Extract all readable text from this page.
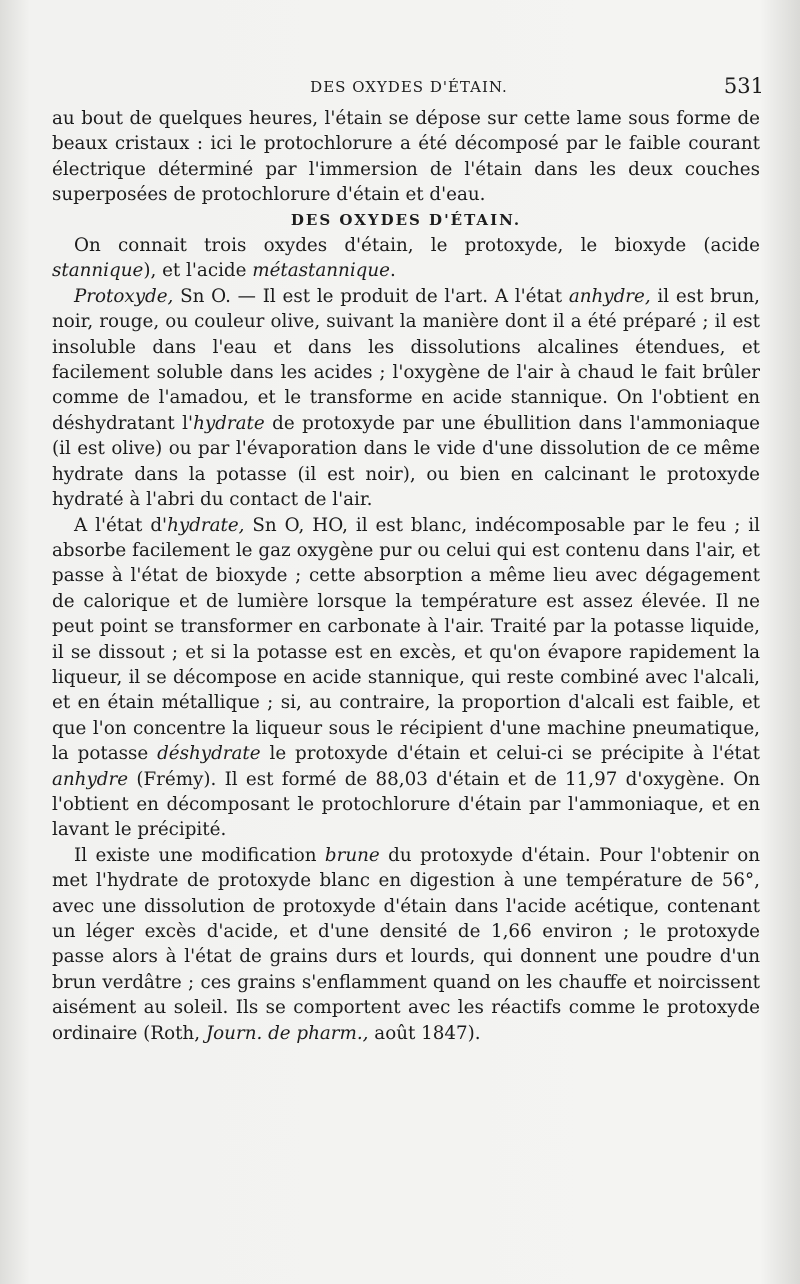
DES OXYDES D'ÉTAIN.	531

au bout de quelques heures, l'étain se dépose sur cette lame sous forme de beaux cristaux : ici le protochlorure a été décomposé par le faible courant électrique déterminé par l'immersion de l'étain dans les deux couches superposées de protochlorure d'étain et d'eau.

DES OXYDES D'ÉTAIN.

On connait trois oxydes d'étain, le protoxyde, le bioxyde (acide stannique), et l'acide métastannique.

Protoxyde, Sn O. — Il est le produit de l'art. A l'état anhydre, il est brun, noir, rouge, ou couleur olive, suivant la manière dont il a été préparé ; il est insoluble dans l'eau et dans les dissolutions alcalines étendues, et facilement soluble dans les acides ; l'oxygène de l'air à chaud le fait brûler comme de l'amadou, et le transforme en acide stannique. On l'obtient en déshydratant l'hydrate de protoxyde par une ébullition dans l'ammoniaque (il est olive) ou par l'évaporation dans le vide d'une dissolution de ce même hydrate dans la potasse (il est noir), ou bien en calcinant le protoxyde hydraté à l'abri du contact de l'air.

A l'état d'hydrate, Sn O, HO, il est blanc, indécomposable par le feu ; il absorbe facilement le gaz oxygène pur ou celui qui est contenu dans l'air, et passe à l'état de bioxyde ; cette absorption a même lieu avec dégagement de calorique et de lumière lorsque la température est assez élevée. Il ne peut point se transformer en carbonate à l'air. Traité par la potasse liquide, il se dissout ; et si la potasse est en excès, et qu'on évapore rapidement la liqueur, il se décompose en acide stannique, qui reste combiné avec l'alcali, et en étain métallique ; si, au contraire, la proportion d'alcali est faible, et que l'on concentre la liqueur sous le récipient d'une machine pneumatique, la potasse déshydrate le protoxyde d'étain et celui-ci se précipite à l'état anhydre (Frémy). Il est formé de 88,03 d'étain et de 11,97 d'oxygène. On l'obtient en décomposant le protochlorure d'étain par l'ammoniaque, et en lavant le précipité.

Il existe une modification brune du protoxyde d'étain. Pour l'obtenir on met l'hydrate de protoxyde blanc en digestion à une température de 56°, avec une dissolution de protoxyde d'étain dans l'acide acétique, contenant un léger excès d'acide, et d'une densité de 1,66 environ ; le protoxyde passe alors à l'état de grains durs et lourds, qui donnent une poudre d'un brun verdâtre ; ces grains s'enflamment quand on les chauffe et noircissent aisément au soleil. Ils se comportent avec les réactifs comme le protoxyde ordinaire (Roth, Journ. de pharm., août 1847).
